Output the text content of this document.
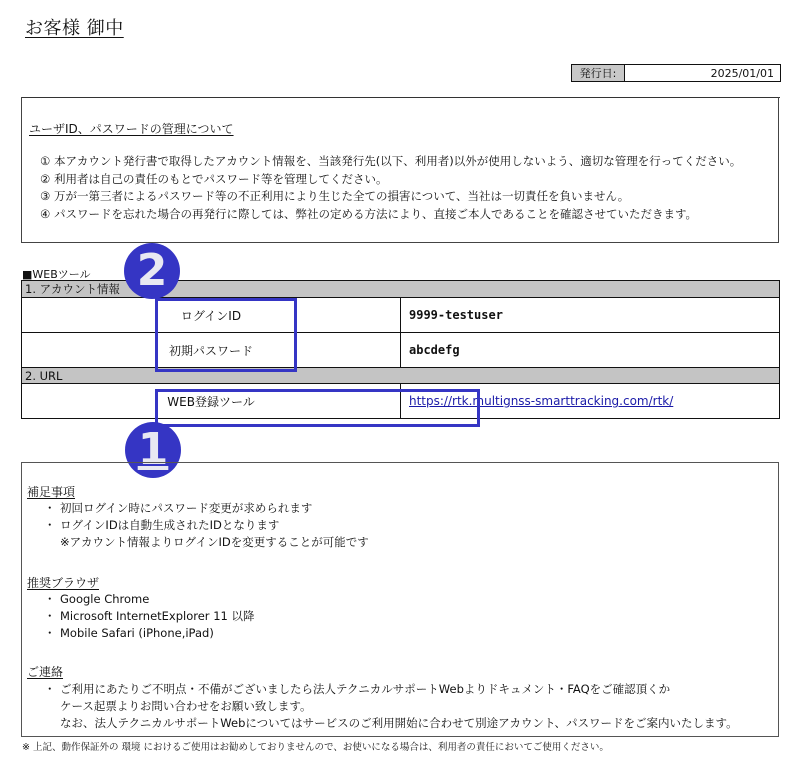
お客様 御中
発行日:	2025/01/01
ユーザID、パスワードの管理について
① 本アカウント発行書で取得したアカウント情報を、当該発行先(以下、利用者)以外が使用しないよう、適切な管理を行ってください。
② 利用者は自己の責任のもとでパスワード等を管理してください。
③ 万が一第三者によるパスワード等の不正利用により生じた全ての損害について、当社は一切責任を負いません。
④ パスワードを忘れた場合の再発行に際しては、弊社の定める方法により、直接ご本人であることを確認させていただきます。
■WEBツール
1. アカウント情報	
ログインID	9999-testuser
初期パスワード	abcdefg
2. URL	
WEB登録ツール	https://rtk.multignss-smarttracking.com/rtk/
2
1
補足事項
・ 初回ログイン時にパスワード変更が求められます
・ ログインIDは自動生成されたIDとなります
※アカウント情報よりログインIDを変更することが可能です
推奨ブラウザ
・ Google Chrome
・ Microsoft InternetExplorer 11 以降
・ Mobile Safari (iPhone,iPad)
ご連絡
・ ご利用にあたりご不明点・不備がございましたら法人テクニカルサポートWebよりドキュメント・FAQをご確認頂くか
ケース起票よりお問い合わせをお願い致します。
なお、法人テクニカルサポートWebについてはサービスのご利用開始に合わせて別途アカウント、パスワードをご案内いたします。
※ 上記、動作保証外の 環境 におけるご使用はお勧めしておりませんので、お使いになる場合は、利用者の責任においてご使用ください。
